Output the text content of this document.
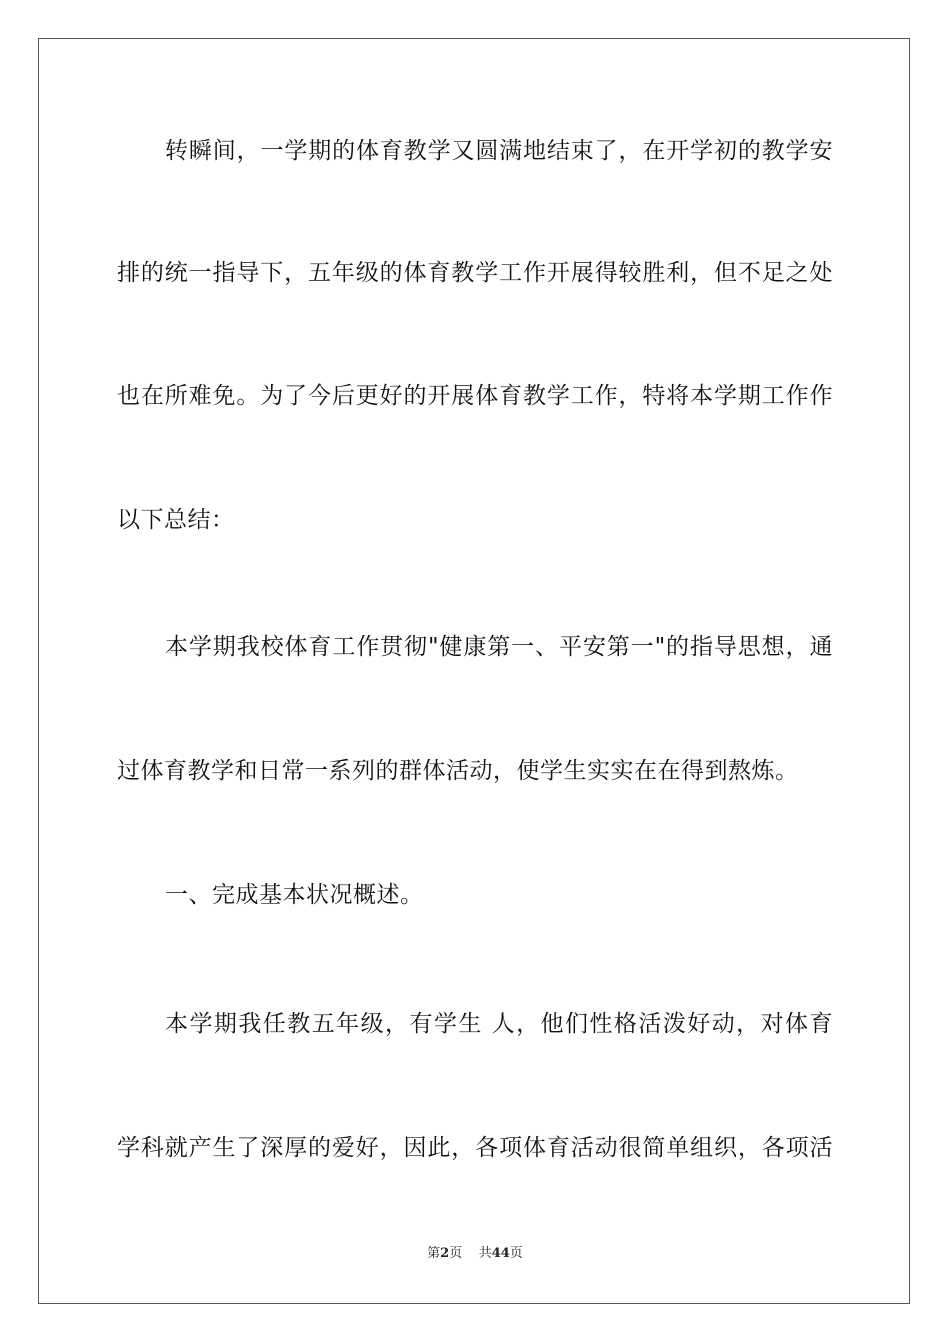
转瞬间，一学期的体育教学又圆满地结束了，在开学初的教学安
排的统一指导下，五年级的体育教学工作开展得较胜利，但不足之处
也在所难免。为了今后更好的开展体育教学工作，特将本学期工作作
以下总结：
本学期我校体育工作贯彻"健康第一、平安第一"的指导思想，通
过体育教学和日常一系列的群体活动，使学生实实在在得到熬炼。
一、完成基本状况概述。
本学期我任教五年级，有学生 人，他们性格活泼好动，对体育
学科就产生了深厚的爱好，因此，各项体育活动很简单组织，各项活
第2页 共44页
